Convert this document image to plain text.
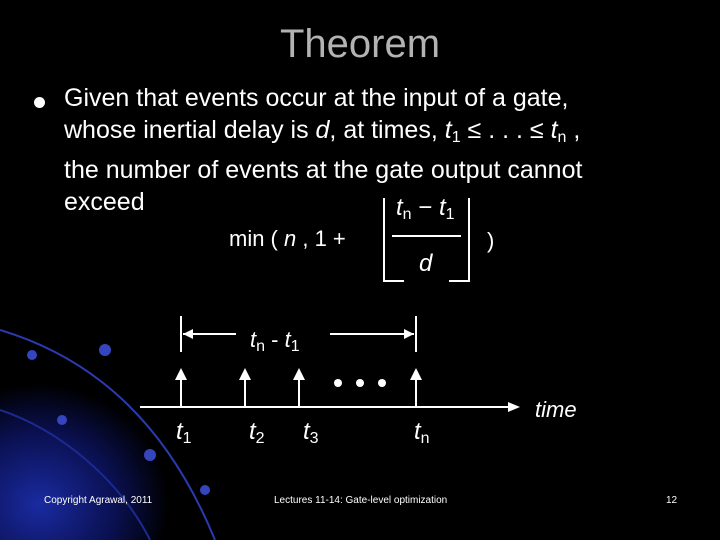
Theorem
Given that events occur at the input of a gate,
whose inertial delay is d, at times, $t_1$ ≤ . . . ≤ $t_n$ ,
the number of events at the gate output cannot
exceed
min ( n , 1 +
$t_n - t_1$
d
)
$t_n - t_1$
time
$t_1$ $t_2$ $t_3$	$t_n$
Copyright Agrawal, 2011	Lectures 11-14: Gate-level optimization	12
